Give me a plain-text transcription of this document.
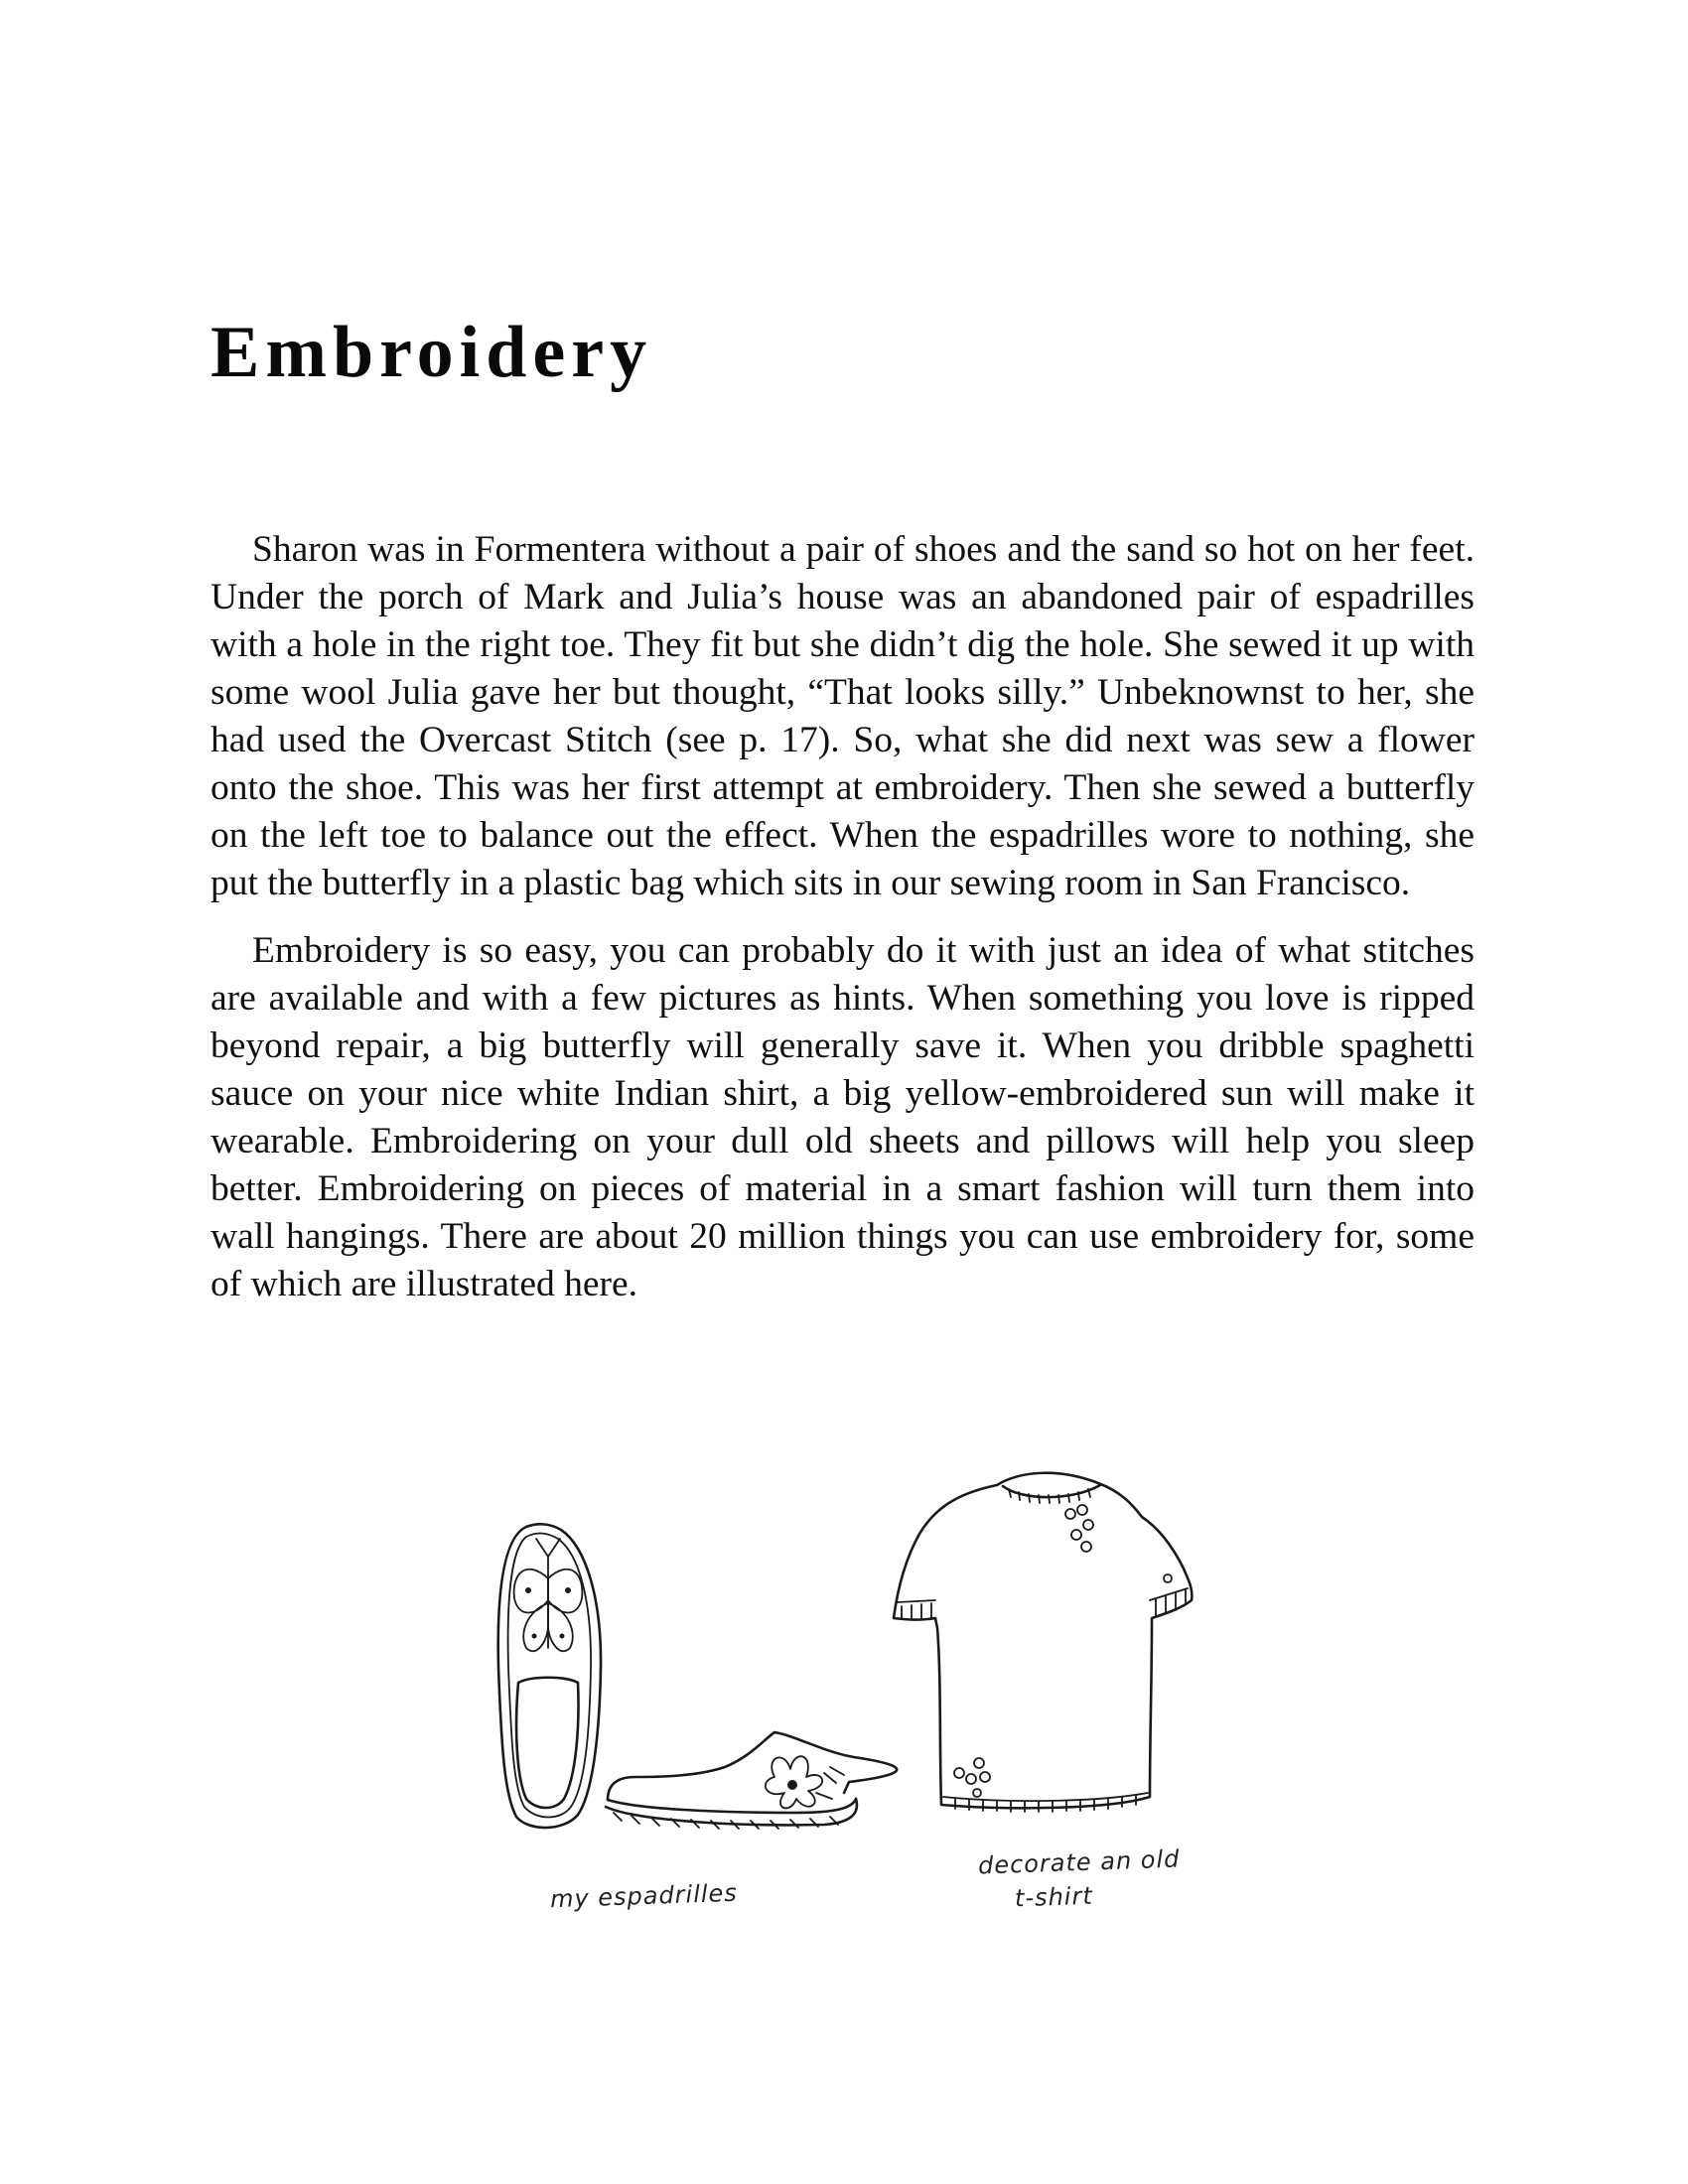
Embroidery

Sharon was in Formentera without a pair of shoes and the sand so hot on her feet. Under the porch of Mark and Julia’s house was an abandoned pair of espadrilles with a hole in the right toe. They fit but she didn’t dig the hole. She sewed it up with some wool Julia gave her but thought, “That looks silly.” Unbeknownst to her, she had used the Overcast Stitch (see p. 17). So, what she did next was sew a flower onto the shoe. This was her first attempt at embroidery. Then she sewed a butterfly on the left toe to balance out the effect. When the espadrilles wore to nothing, she put the butterfly in a plastic bag which sits in our sewing room in San Francisco.

Embroidery is so easy, you can probably do it with just an idea of what stitches are available and with a few pictures as hints. When something you love is ripped beyond repair, a big butterfly will generally save it. When you dribble spaghetti sauce on your nice white Indian shirt, a big yellow-embroidered sun will make it wearable. Embroidering on your dull old sheets and pillows will help you sleep better. Embroidering on pieces of material in a smart fashion will turn them into wall hangings. There are about 20 million things you can use embroidery for, some of which are illustrated here.

my espadrilles
decorate an old
t-shirt
